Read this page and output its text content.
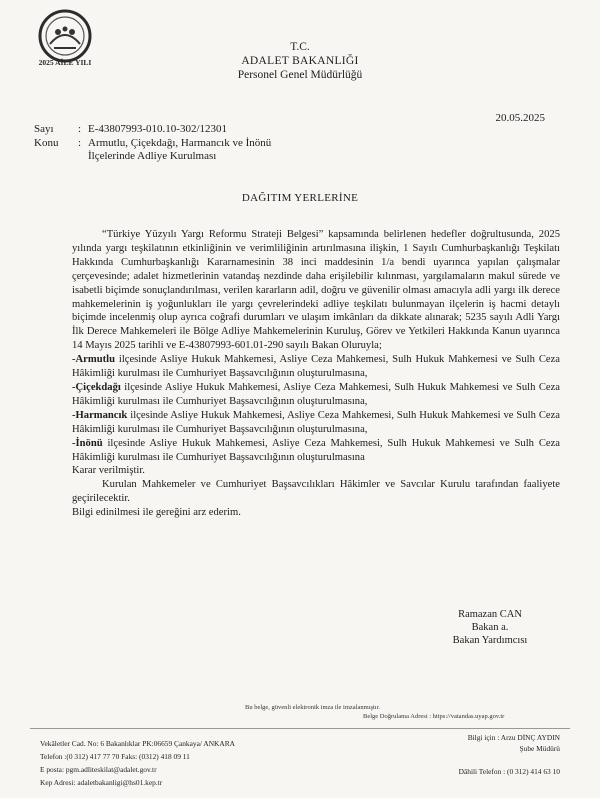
2025 AİLE YILI
T.C.
ADALET BAKANLIĞI
Personel Genel Müdürlüğü
20.05.2025
Sayı	: E-43807993-010.10-302/12301
Konu	: Armutlu, Çiçekdağı, Harmancık ve İnönü
İlçelerinde Adliye Kurulması
DAĞITIM YERLERİNE

“Türkiye Yüzyılı Yargı Reformu Strateji Belgesi” kapsamında belirlenen hedefler doğrultusunda, 2025 yılında yargı teşkilatının etkinliğinin ve verimliliğinin artırılmasına ilişkin, 1 Sayılı Cumhurbaşkanlığı Teşkilatı Hakkında Cumhurbaşkanlığı Kararnamesinin 38 inci maddesinin 1/a bendi uyarınca yapılan çalışmalar çerçevesinde; adalet hizmetlerinin vatandaş nezdinde daha erişilebilir kılınması, yargılamaların makul sürede ve isabetli biçimde sonuçlandırılması, verilen kararların adil, doğru ve güvenilir olması amacıyla adli yargı ilk derece mahkemelerinin iş yoğunlukları ile yargı çevrelerindeki adliye teşkilatı bulunmayan ilçelerin iş hacmi detaylı biçimde incelenmiş olup ayrıca coğrafi durumları ve ulaşım imkânları da dikkate alınarak; 5235 sayılı Adli Yargı İlk Derece Mahkemeleri ile Bölge Adliye Mahkemelerinin Kuruluş, Görev ve Yetkileri Hakkında Kanun uyarınca 14 Mayıs 2025 tarihli ve E-43807993-601.01-290 sayılı Bakan Oluruyla;

-Armutlu ilçesinde Asliye Hukuk Mahkemesi, Asliye Ceza Mahkemesi, Sulh Hukuk Mahkemesi ve Sulh Ceza Hâkimliği kurulması ile Cumhuriyet Başsavcılığının oluşturulmasına,

-Çiçekdağı ilçesinde Asliye Hukuk Mahkemesi, Asliye Ceza Mahkemesi, Sulh Hukuk Mahkemesi ve Sulh Ceza Hâkimliği kurulması ile Cumhuriyet Başsavcılığının oluşturulmasına,

-Harmancık ilçesinde Asliye Hukuk Mahkemesi, Asliye Ceza Mahkemesi, Sulh Hukuk Mahkemesi ve Sulh Ceza Hâkimliği kurulması ile Cumhuriyet Başsavcılığının oluşturulmasına,

-İnönü ilçesinde Asliye Hukuk Mahkemesi, Asliye Ceza Mahkemesi, Sulh Hukuk Mahkemesi ve Sulh Ceza Hâkimliği kurulması ile Cumhuriyet Başsavcılığının oluşturulmasına

Karar verilmiştir.

Kurulan Mahkemeler ve Cumhuriyet Başsavcılıkları Hâkimler ve Savcılar Kurulu tarafından faaliyete geçirilecektir.

Bilgi edinilmesi ile gereğini arz ederim.

Ramazan CAN
Bakan a.
Bakan Yardımcısı
Bu belge, güvenli elektronik imza ile imzalanmıştır.
Belge Doğrulama Adresi : https://vatandas.uyap.gov.tr
Vekâletler Cad. No: 6 Bakanlıklar PK:06659 Çankaya/ ANKARA
Telefon :(0 312) 417 77 70 Faks: (0312) 418 09 11
E posta: pgm.adliteskilat@adalet.gov.tr
Kep Adresi: adaletbakanligi@hs01.kep.tr
Bilgi için : Arzu DİNÇ AYDIN
Şube Müdürü
Dâhili Telefon : (0 312) 414 63 10
